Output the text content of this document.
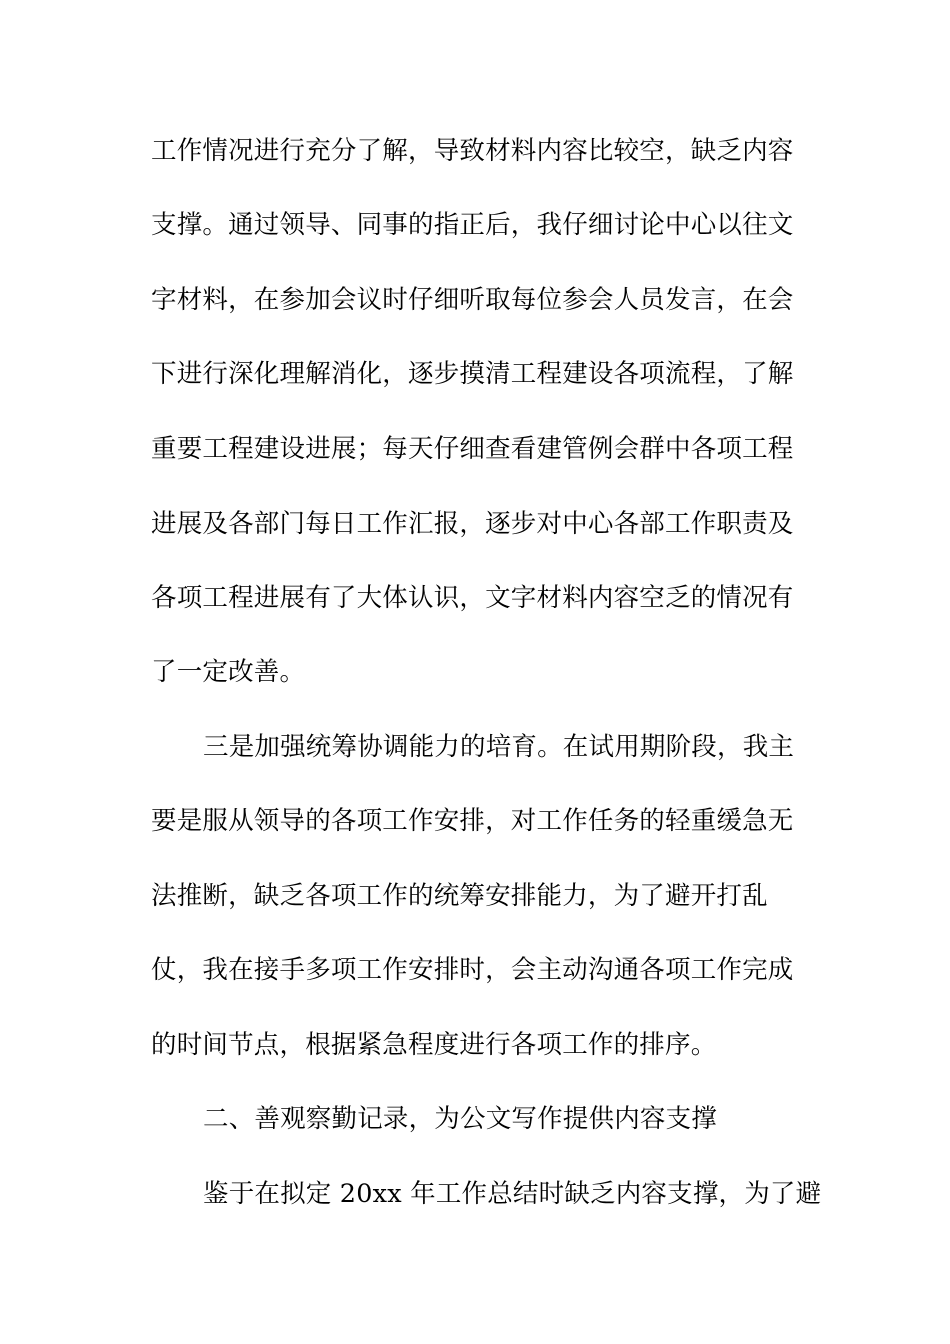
工作情况进行充分了解，导致材料内容比较空，缺乏内容
支撑。通过领导、同事的指正后，我仔细讨论中心以往文
字材料，在参加会议时仔细听取每位参会人员发言，在会
下进行深化理解消化，逐步摸清工程建设各项流程，了解
重要工程建设进展；每天仔细查看建管例会群中各项工程
进展及各部门每日工作汇报，逐步对中心各部工作职责及
各项工程进展有了大体认识，文字材料内容空乏的情况有
了一定改善。
三是加强统筹协调能力的培育。在试用期阶段，我主
要是服从领导的各项工作安排，对工作任务的轻重缓急无
法推断，缺乏各项工作的统筹安排能力，为了避开打乱
仗，我在接手多项工作安排时，会主动沟通各项工作完成
的时间节点，根据紧急程度进行各项工作的排序。
二、善观察勤记录，为公文写作提供内容支撑
鉴于在拟定 20xx 年工作总结时缺乏内容支撑，为了避
